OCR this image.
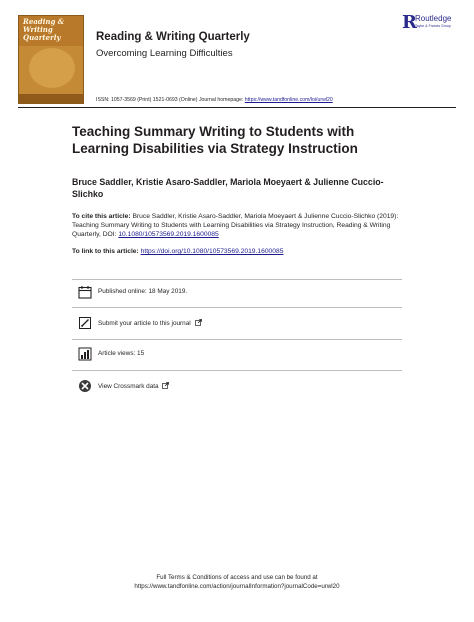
Reading & Writing Quarterly	Reading & Writing Quarterly
Overcoming Learning Difficulties
R
Routledge
Taylor & Francis Group
ISSN: 1057-3569 (Print) 1521-0693 (Online) Journal homepage: https://www.tandfonline.com/loi/urwl20
Teaching Summary Writing to Students with Learning Disabilities via Strategy Instruction
Bruce Saddler, Kristie Asaro-Saddler, Mariola Moeyaert & Julienne Cuccio-Slichko
To cite this article: Bruce Saddler, Kristie Asaro-Saddler, Mariola Moeyaert & Julienne Cuccio-Slichko (2019): Teaching Summary Writing to Students with Learning Disabilities via Strategy Instruction, Reading & Writing Quarterly, DOI: 10.1080/10573569.2019.1600085
To link to this article: https://doi.org/10.1080/10573569.2019.1600085
Published online: 18 May 2019.
Submit your article to this journal
Article views: 15
View Crossmark data
Full Terms & Conditions of access and use can be found at
https://www.tandfonline.com/action/journalInformation?journalCode=urwl20
